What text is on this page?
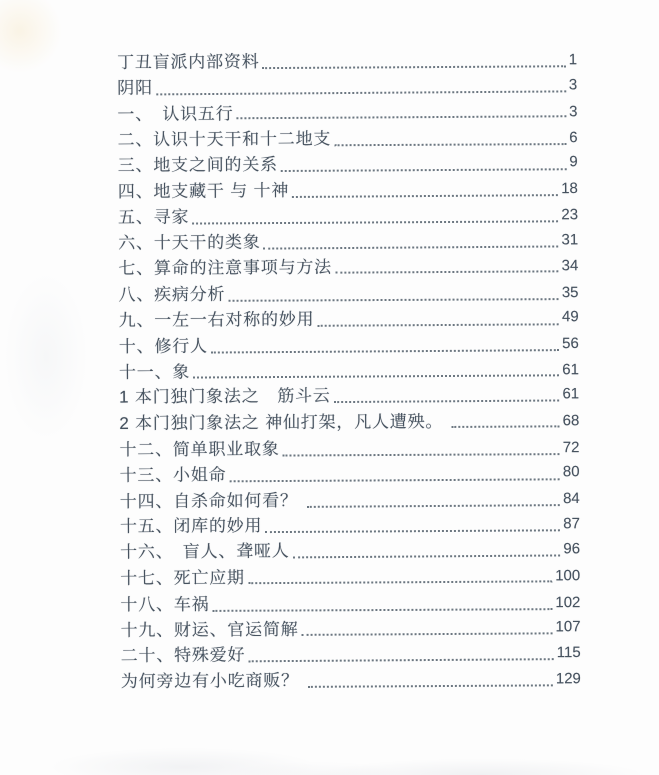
丁丑盲派内部资料	1
阴阳	3
一、　认识五行	3
二、认识十天干和十二地支	6
三、地支之间的关系	9
四、地支藏干 与 十神	18
五、寻家	23
六、十天干的类象	31
七、算命的注意事项与方法	34
八、疾病分析	35
九、一左一右对称的妙用	49
十、修行人	56
十一、象	61
1 本门独门象法之　筋斗云	61
2 本门独门象法之 神仙打架，凡人遭殃。	68
十二、简单职业取象	72
十三、小姐命	80
十四、自杀命如何看？	84
十五、闭库的妙用	87
十六、　盲人、聋哑人	96
十七、死亡应期	100
十八、车祸	102
十九、财运、官运简解	107
二十、特殊爱好	115
为何旁边有小吃商贩？	129
